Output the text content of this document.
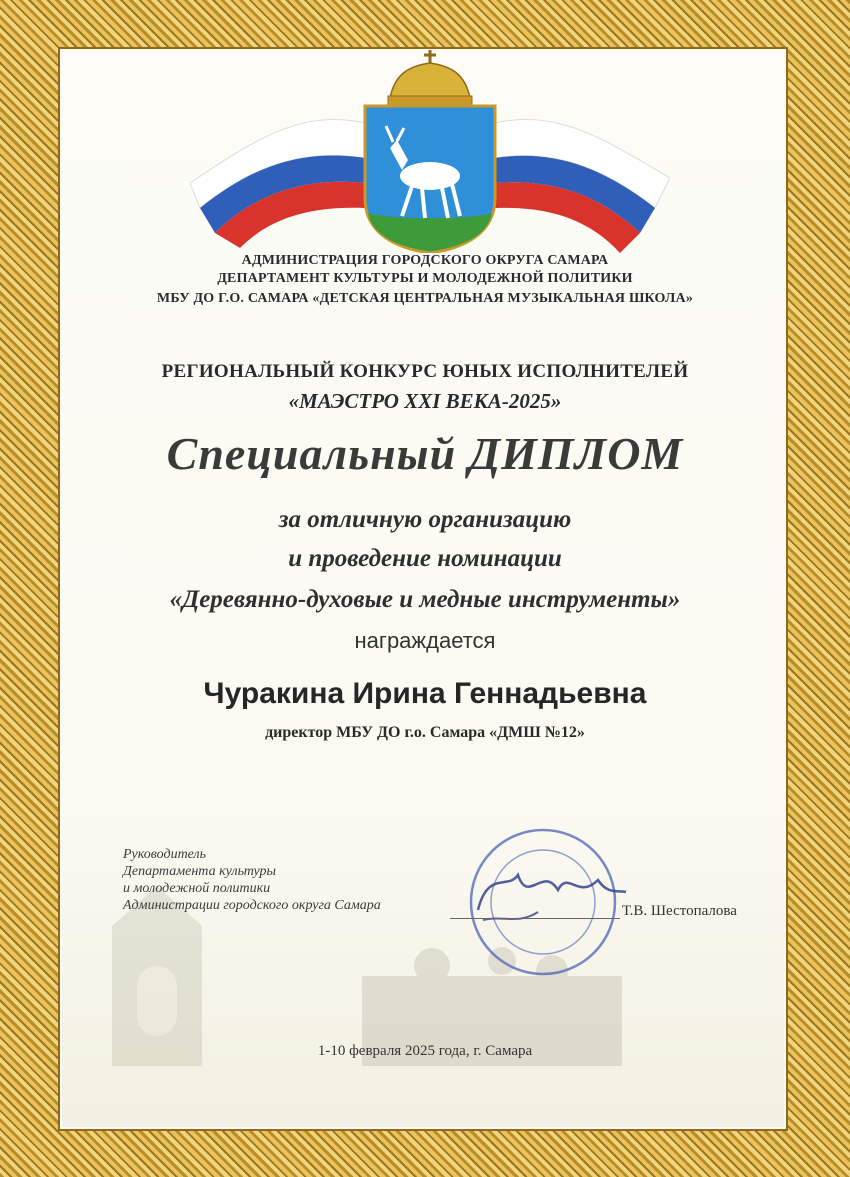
АДМИНИСТРАЦИЯ ГОРОДСКОГО ОКРУГА САМАРА
ДЕПАРТАМЕНТ КУЛЬТУРЫ И МОЛОДЕЖНОЙ ПОЛИТИКИ
МБУ ДО Г.О. САМАРА «ДЕТСКАЯ ЦЕНТРАЛЬНАЯ МУЗЫКАЛЬНАЯ ШКОЛА»
РЕГИОНАЛЬНЫЙ КОНКУРС ЮНЫХ ИСПОЛНИТЕЛЕЙ
«МАЭСТРО XXI ВЕКА-2025»
Специальный ДИПЛОМ
за отличную организацию
и проведение номинации
«Деревянно-духовые и медные инструменты»
награждается
Чуракина Ирина Геннадьевна
директор МБУ ДО г.о. Самара «ДМШ №12»
Руководитель
Департамента культуры
и молодежной политики
Администрации городского округа Самара	Т.В. Шестопалова
1-10 февраля 2025 года, г. Самара
